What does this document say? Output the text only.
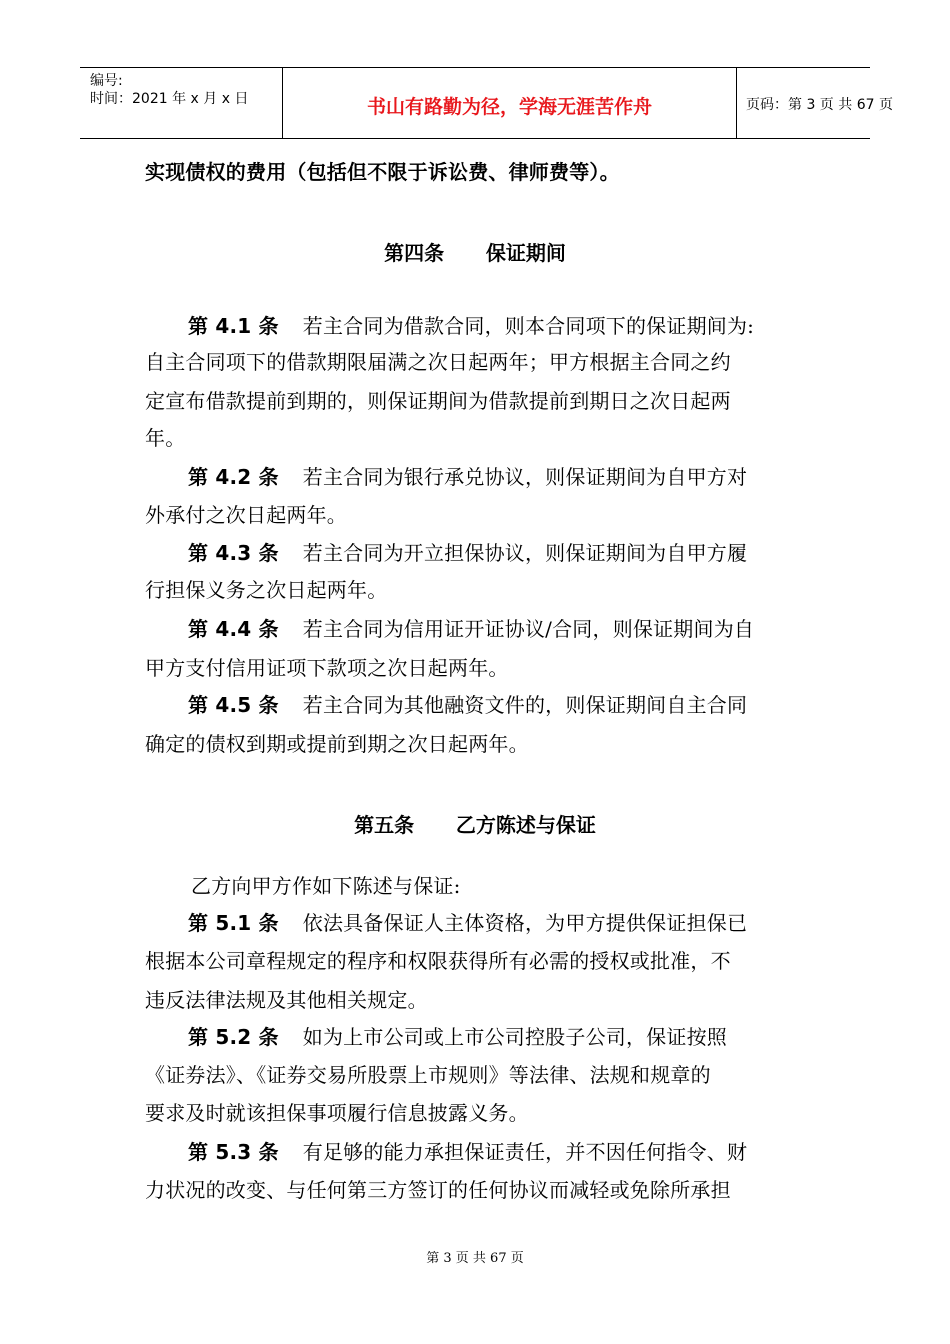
编号:
时间：2021 年 x 月 x 日	书山有路勤为径，学海无涯苦作舟	页码：第 3 页 共 67 页
实现债权的费用（包括但不限于诉讼费、律师费等）。
第四条      保证期间
第 4.1 条 若主合同为借款合同，则本合同项下的保证期间为:
自主合同项下的借款期限届满之次日起两年；甲方根据主合同之约
定宣布借款提前到期的，则保证期间为借款提前到期日之次日起两
年。
第 4.2 条 若主合同为银行承兑协议，则保证期间为自甲方对
外承付之次日起两年。
第 4.3 条 若主合同为开立担保协议，则保证期间为自甲方履
行担保义务之次日起两年。
第 4.4 条 若主合同为信用证开证协议/合同，则保证期间为自
甲方支付信用证项下款项之次日起两年。
第 4.5 条 若主合同为其他融资文件的，则保证期间自主合同
确定的债权到期或提前到期之次日起两年。
第五条      乙方陈述与保证
乙方向甲方作如下陈述与保证:
第 5.1 条 依法具备保证人主体资格，为甲方提供保证担保已
根据本公司章程规定的程序和权限获得所有必需的授权或批准，不
违反法律法规及其他相关规定。
第 5.2 条 如为上市公司或上市公司控股子公司，保证按照
《证券法》、《证券交易所股票上市规则》等法律、法规和规章的
要求及时就该担保事项履行信息披露义务。
第 5.3 条 有足够的能力承担保证责任，并不因任何指令、财
力状况的改变、与任何第三方签订的任何协议而减轻或免除所承担
第 3 页 共 67 页
